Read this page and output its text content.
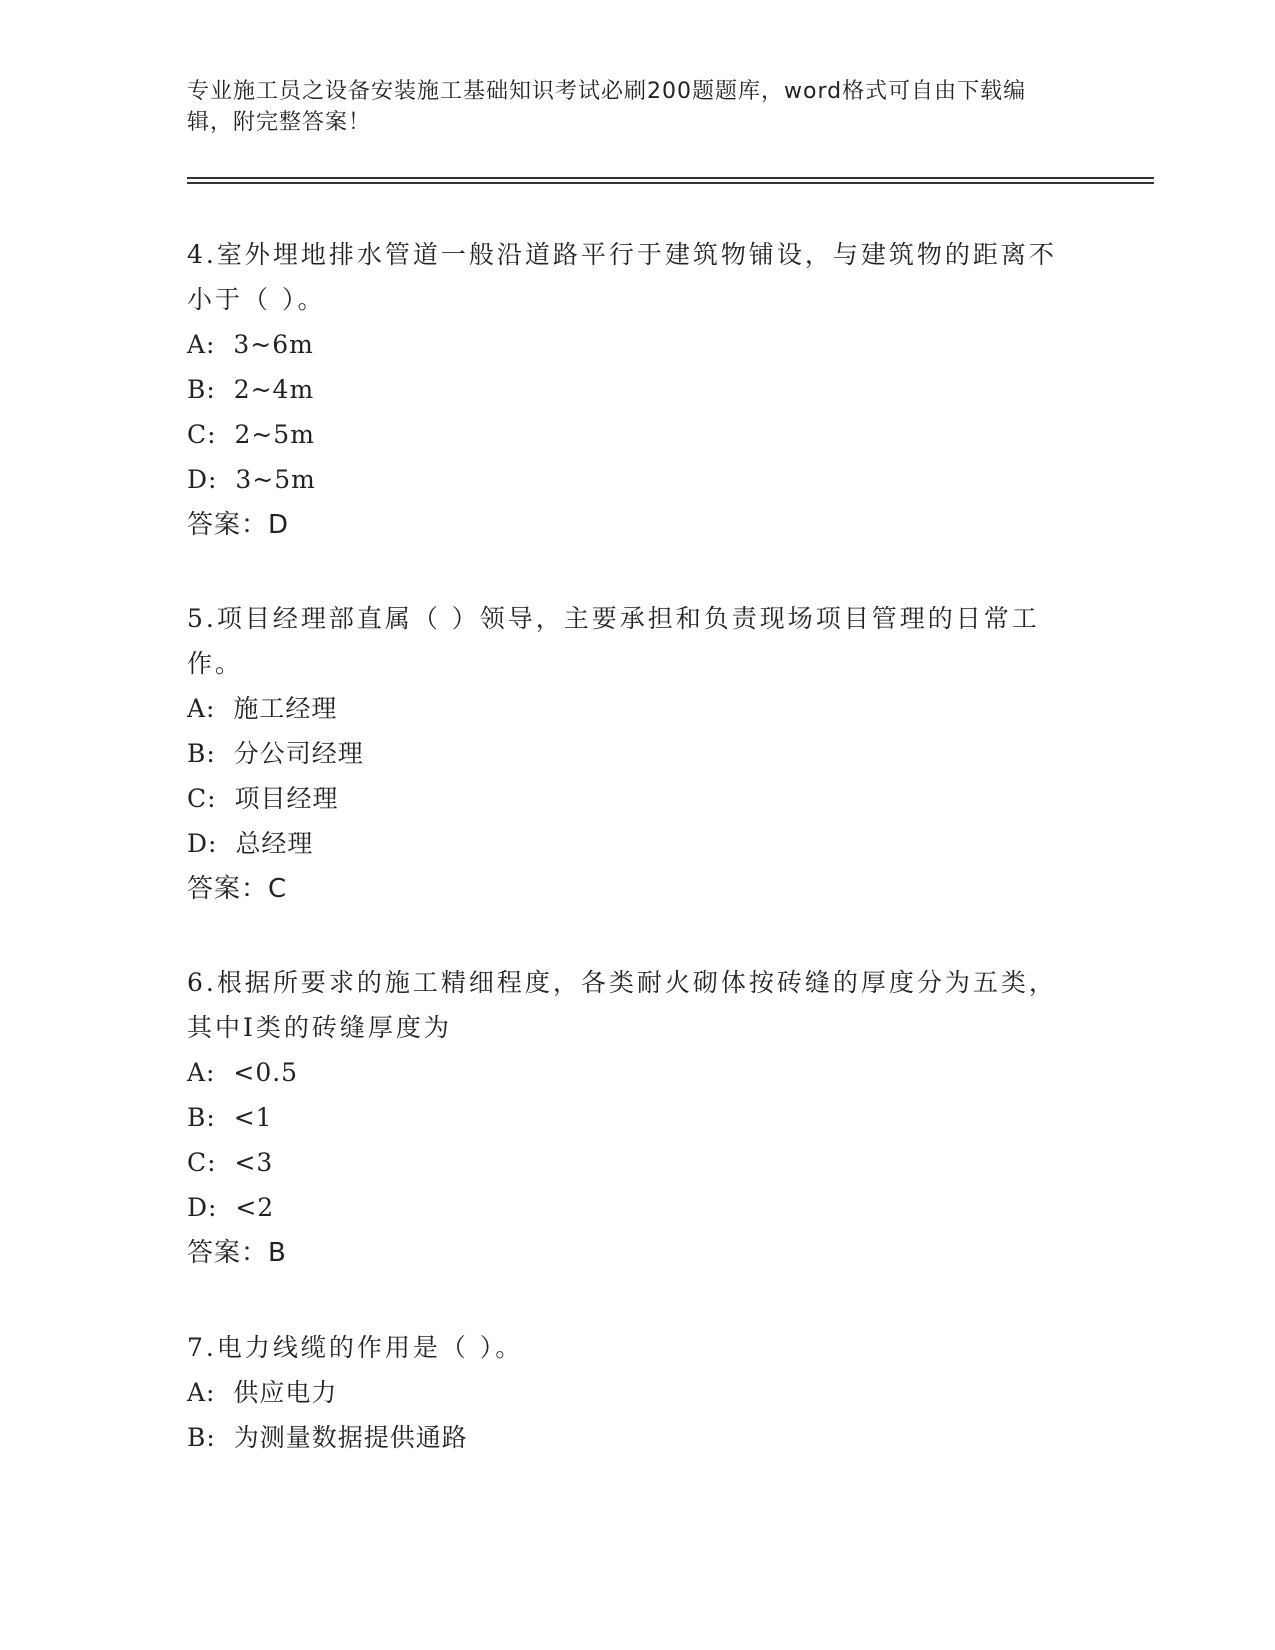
专业施工员之设备安装施工基础知识考试必刷200题题库，word格式可自由下载编辑，附完整答案！
4.室外埋地排水管道一般沿道路平行于建筑物铺设，与建筑物的距离不小于（ ）。
A:  3~6m
B:  2~4m
C:  2~5m
D:  3~5m
答案：D
5.项目经理部直属（ ）领导，主要承担和负责现场项目管理的日常工作。
A:  施工经理
B:  分公司经理
C:  项目经理
D:  总经理
答案：C
6.根据所要求的施工精细程度，各类耐火砌体按砖缝的厚度分为五类，其中I类的砖缝厚度为
A:  <0.5
B:  <1
C:  <3
D:  <2
答案：B
7.电力线缆的作用是（ ）。
A:  供应电力
B:  为测量数据提供通路
